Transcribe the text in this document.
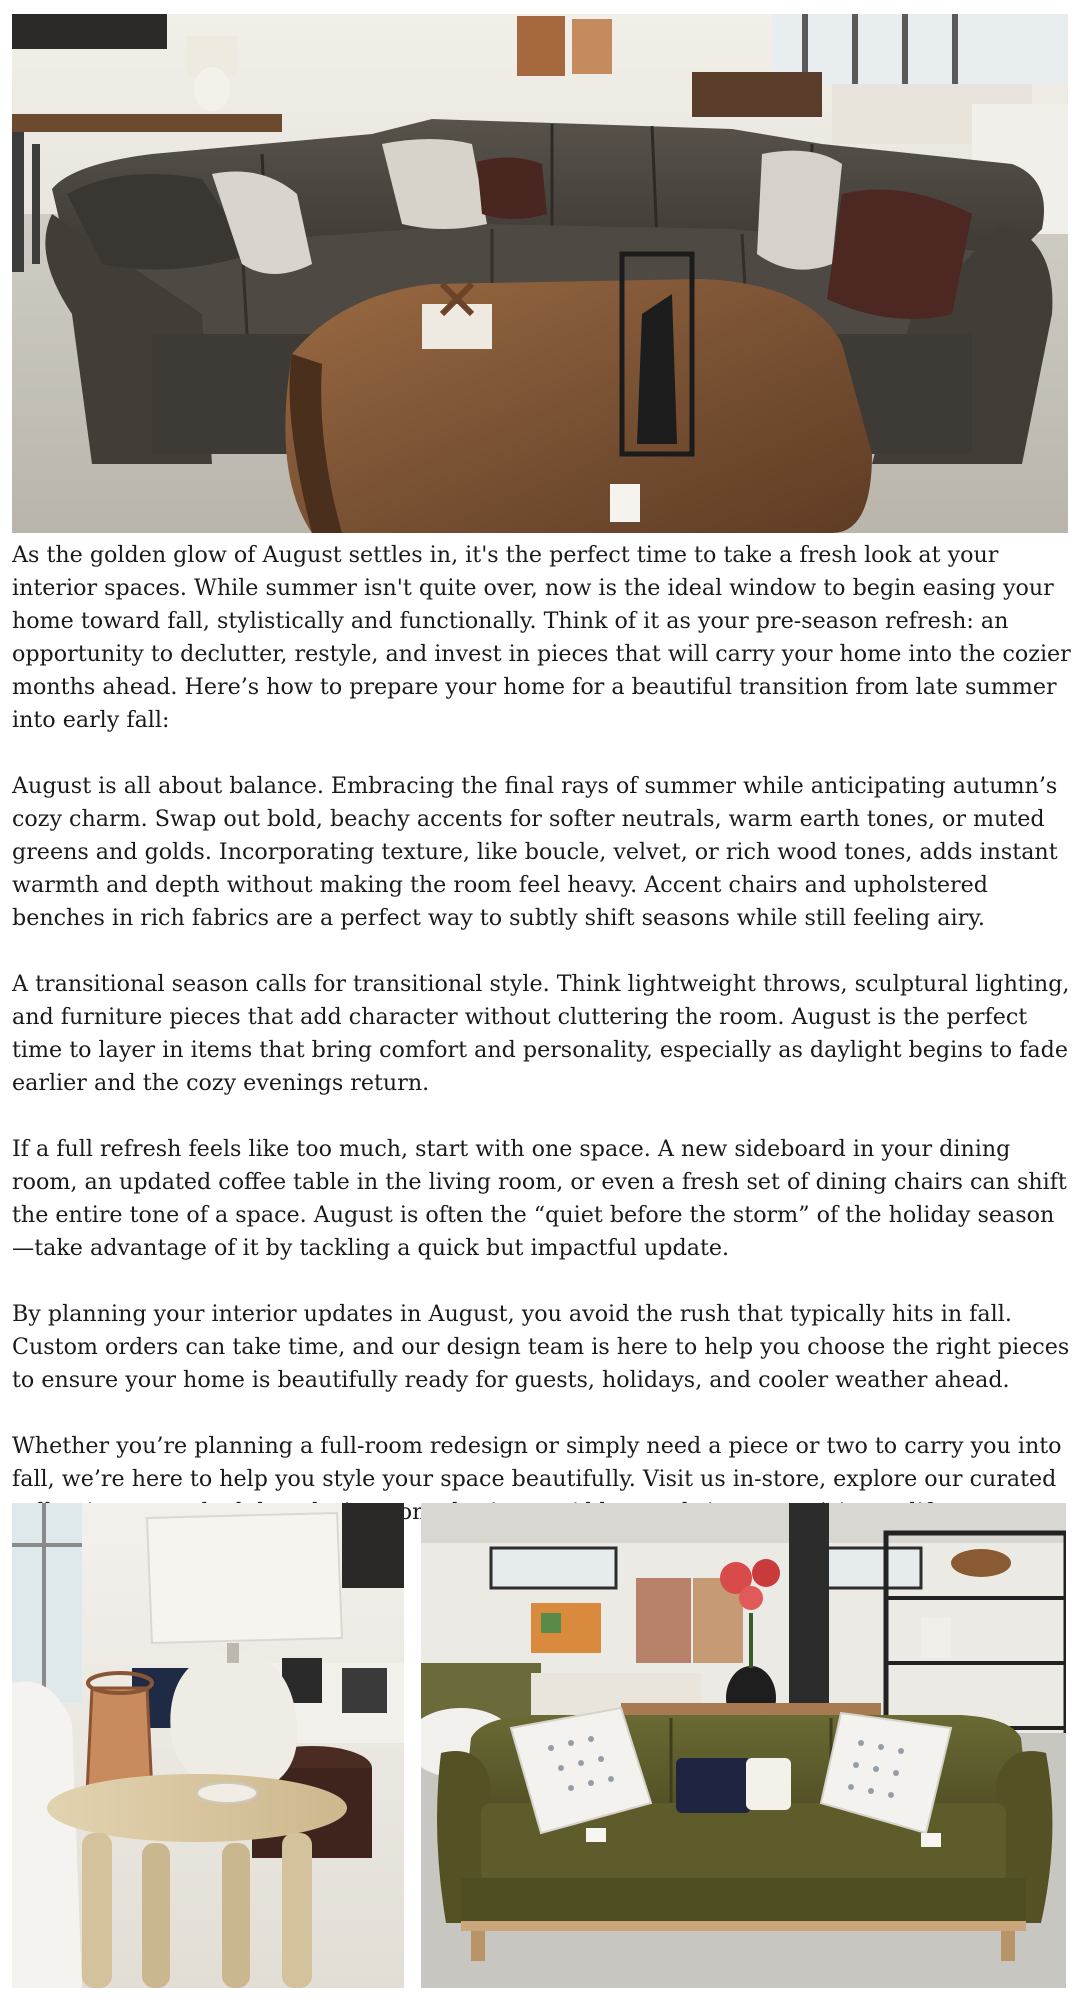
As the golden glow of August settles in, it's the perfect time to take a fresh look at your interior spaces. While summer isn't quite over, now is the ideal window to begin easing your home toward fall, stylistically and functionally. Think of it as your pre-season refresh: an opportunity to declutter, restyle, and invest in pieces that will carry your home into the cozier months ahead. Here’s how to prepare your home for a beautiful transition from late summer into early fall:

August is all about balance. Embracing the final rays of summer while anticipating autumn’s cozy charm. Swap out bold, beachy accents for softer neutrals, warm earth tones, or muted greens and golds. Incorporating texture, like boucle, velvet, or rich wood tones, adds instant warmth and depth without making the room feel heavy. Accent chairs and upholstered benches in rich fabrics are a perfect way to subtly shift seasons while still feeling airy.

A transitional season calls for transitional style. Think lightweight throws, sculptural lighting, and furniture pieces that add character without cluttering the room. August is the perfect time to layer in items that bring comfort and personality, especially as daylight begins to fade earlier and the cozy evenings return.

If a full refresh feels like too much, start with one space. A new sideboard in your dining room, an updated coffee table in the living room, or even a fresh set of dining chairs can shift the entire tone of a space. August is often the “quiet before the storm” of the holiday season—take advantage of it by tackling a quick but impactful update.

By planning your interior updates in August, you avoid the rush that typically hits in fall. Custom orders can take time, and our design team is here to help you choose the right pieces to ensure your home is beautifully ready for guests, holidays, and cooler weather ahead.

Whether you’re planning a full-room redesign or simply need a piece or two to carry you into fall, we’re here to help you style your space beautifully. Visit us in-store, explore our curated
